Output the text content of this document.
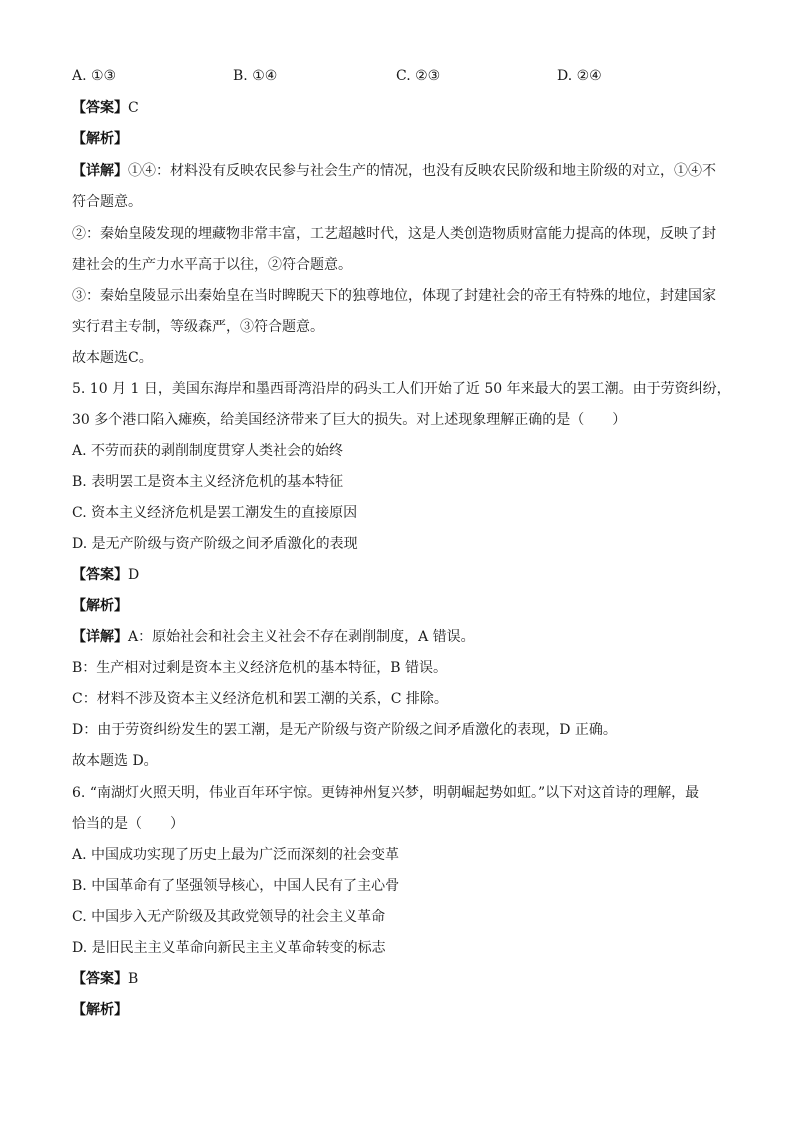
A. ①③	B. ①④	C. ②③	D. ②④
【答案】C
【解析】
【详解】①④：材料没有反映农民参与社会生产的情况，也没有反映农民阶级和地主阶级的对立，①④不
符合题意。
②：秦始皇陵发现的埋藏物非常丰富，工艺超越时代，这是人类创造物质财富能力提高的体现，反映了封
建社会的生产力水平高于以往，②符合题意。
③：秦始皇陵显示出秦始皇在当时睥睨天下的独尊地位，体现了封建社会的帝王有特殊的地位，封建国家
实行君主专制，等级森严，③符合题意。
故本题选C。
5. 10 月 1 日，美国东海岸和墨西哥湾沿岸的码头工人们开始了近 50 年来最大的罢工潮。由于劳资纠纷，
30 多个港口陷入瘫痪，给美国经济带来了巨大的损失。对上述现象理解正确的是（　　）
A. 不劳而获的剥削制度贯穿人类社会的始终
B. 表明罢工是资本主义经济危机的基本特征
C. 资本主义经济危机是罢工潮发生的直接原因
D. 是无产阶级与资产阶级之间矛盾激化的表现
【答案】D
【解析】
【详解】A：原始社会和社会主义社会不存在剥削制度，A 错误。
B：生产相对过剩是资本主义经济危机的基本特征，B 错误。
C：材料不涉及资本主义经济危机和罢工潮的关系，C 排除。
D：由于劳资纠纷发生的罢工潮，是无产阶级与资产阶级之间矛盾激化的表现，D 正确。
故本题选 D。
6. “南湖灯火照天明，伟业百年环宇惊。更铸神州复兴梦，明朝崛起势如虹。”以下对这首诗的理解，最
恰当的是（　　）
A. 中国成功实现了历史上最为广泛而深刻的社会变革
B. 中国革命有了坚强领导核心，中国人民有了主心骨
C. 中国步入无产阶级及其政党领导的社会主义革命
D. 是旧民主主义革命向新民主主义革命转变的标志
【答案】B
【解析】
